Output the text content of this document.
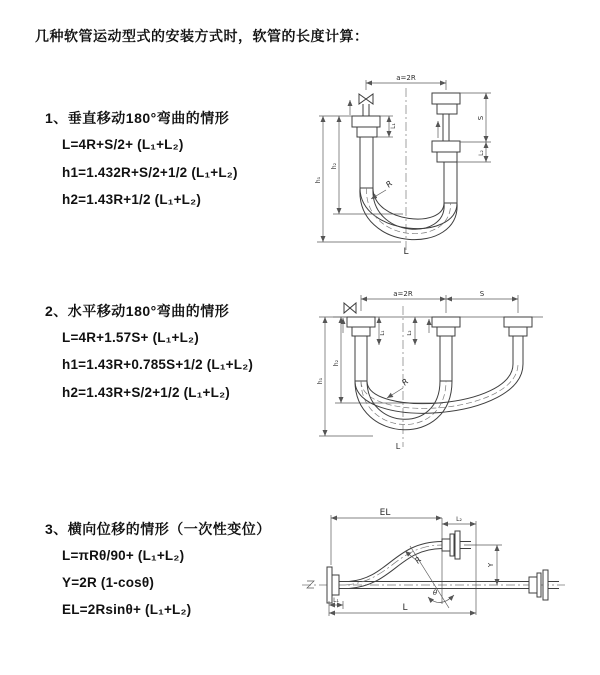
几种软管运动型式的安装方式时，软管的长度计算：
1、垂直移动180°弯曲的情形
L=4R+S/2+ (L₁+L₂)
h1=1.432R+S/2+1/2 (L₁+L₂)
h2=1.43R+1/2 (L₁+L₂)
2、水平移动180°弯曲的情形
L=4R+1.57S+ (L₁+L₂)
h1=1.43R+0.785S+1/2 (L₁+L₂)
h2=1.43R+S/2+1/2 (L₁+L₂)
3、横向位移的情形（一次性变位）
L=πRθ/90+ (L₁+L₂)
Y=2R (1-cosθ)
EL=2Rsinθ+ (L₁+L₂)
a=2R
L₁
S
L₂
h₂
h₁	R
L
a=2R	S
L₁	L₂
h₂
h₁	R
L
EL
L₂
Y
θ
R
L₁
L
